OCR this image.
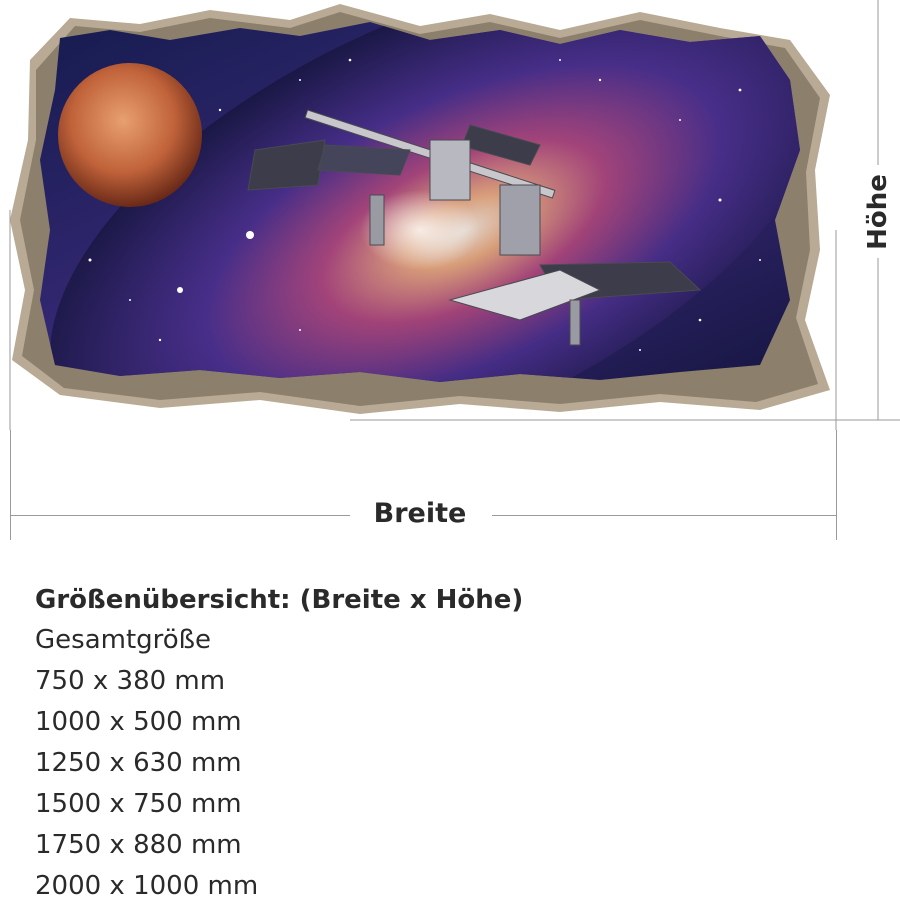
Breite
Höhe
Größenübersicht: (Breite x Höhe)
Gesamtgröße
750 x 380 mm
1000 x 500 mm
1250 x 630 mm
1500 x 750 mm
1750 x 880 mm
2000 x 1000 mm
